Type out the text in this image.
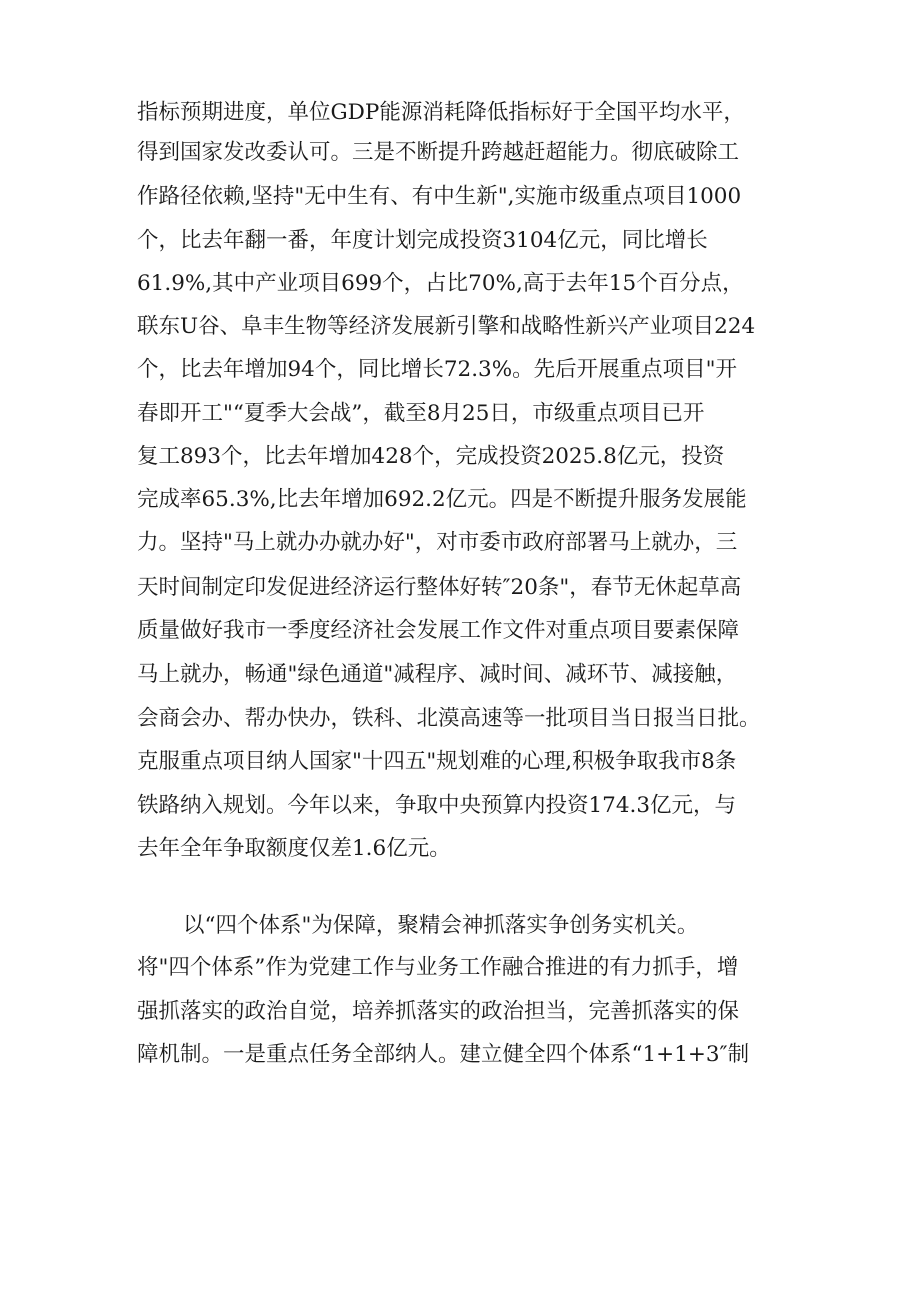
指标预期进度，单位GDP能源消耗降低指标好于全国平均水平，
得到国家发改委认可。三是不断提升跨越赶超能力。彻底破除工
作路径依赖,坚持"无中生有、有中生新",实施市级重点项目1000
个，比去年翻一番，年度计划完成投资3104亿元，同比增长
61.9%,其中产业项目699个，占比70%,高于去年15个百分点，
联东U谷、阜丰生物等经济发展新引擎和战略性新兴产业项目224
个，比去年增加94个，同比增长72.3%。先后开展重点项目"开
春即开工"“夏季大会战”，截至8月25日，市级重点项目已开
复工893个，比去年增加428个，完成投资2025.8亿元，投资
完成率65.3%,比去年增加692.2亿元。四是不断提升服务发展能
力。坚持"马上就办办就办好"，对市委市政府部署马上就办，三
天时间制定印发促进经济运行整体好转″20条"，春节无休起草高
质量做好我市一季度经济社会发展工作文件对重点项目要素保障
马上就办，畅通"绿色通道"减程序、减时间、减环节、减接触，
会商会办、帮办快办，铁科、北漠高速等一批项目当日报当日批。
克服重点项目纳人国家"十四五"规划难的心理,积极争取我市8条
铁路纳入规划。今年以来，争取中央预算内投资174.3亿元，与
去年全年争取额度仅差1.6亿元。
以“四个体系"为保障，聚精会神抓落实争创务实机关。
将"四个体系”作为党建工作与业务工作融合推进的有力抓手，增
强抓落实的政治自觉，培养抓落实的政治担当，完善抓落实的保
障机制。一是重点任务全部纳人。建立健全四个体系“1+1+3″制
